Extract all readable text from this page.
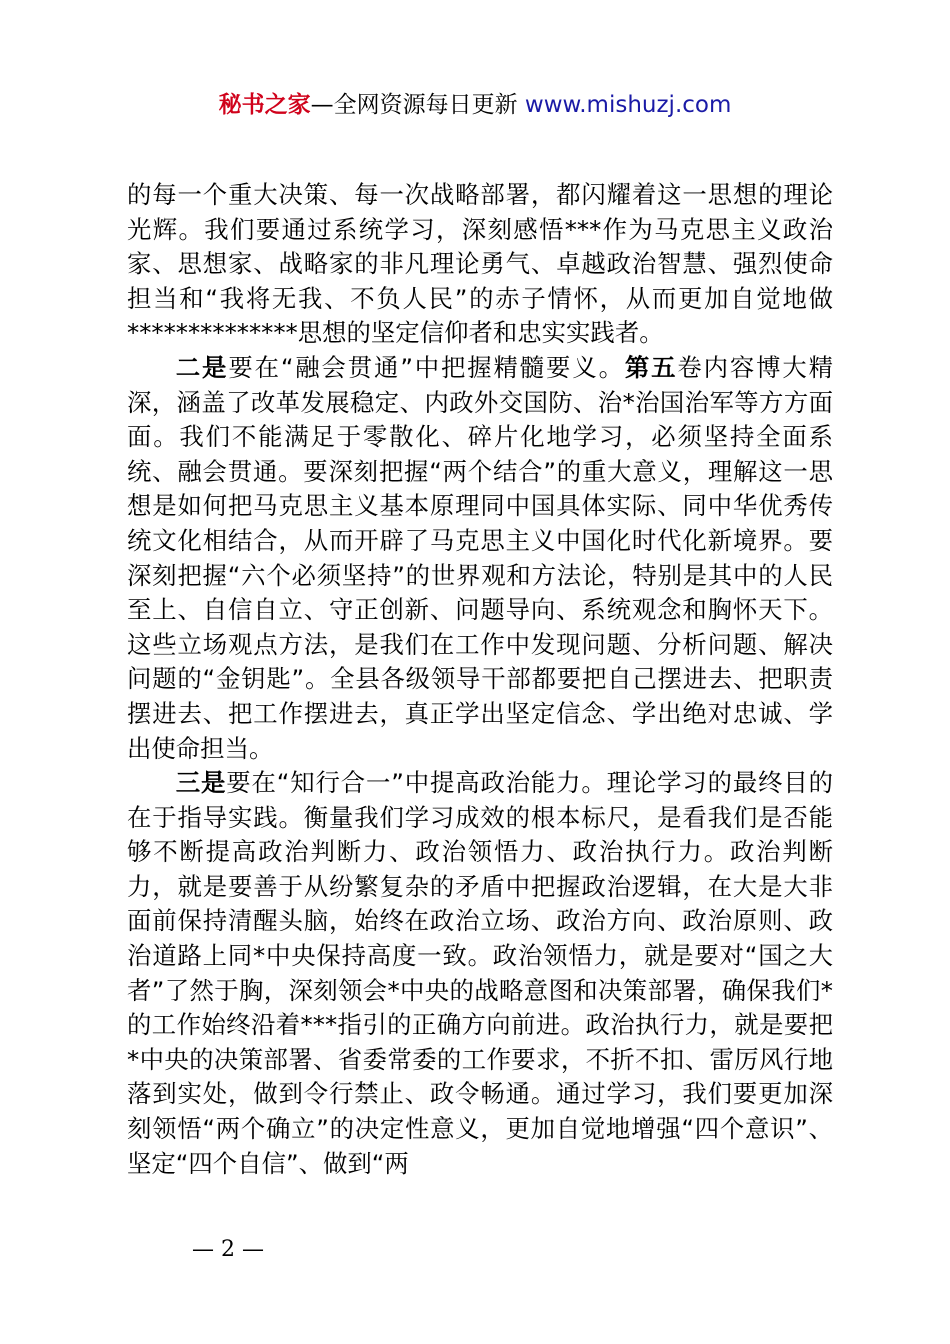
秘书之家—全网资源每日更新 www.mishuzj.com

的每一个重大决策、每一次战略部署，都闪耀着这一思想的理论光辉。我们要通过系统学习，深刻感悟***作为马克思主义政治家、思想家、战略家的非凡理论勇气、卓越政治智慧、强烈使命担当和“我将无我、不负人民”的赤子情怀，从而更加自觉地做**************思想的坚定信仰者和忠实实践者。

二是要在“融会贯通”中把握精髓要义。第五卷内容博大精深，涵盖了改革发展稳定、内政外交国防、治*治国治军等方方面面。我们不能满足于零散化、碎片化地学习，必须坚持全面系统、融会贯通。要深刻把握“两个结合”的重大意义，理解这一思想是如何把马克思主义基本原理同中国具体实际、同中华优秀传统文化相结合，从而开辟了马克思主义中国化时代化新境界。要深刻把握“六个必须坚持”的世界观和方法论，特别是其中的人民至上、自信自立、守正创新、问题导向、系统观念和胸怀天下。这些立场观点方法，是我们在工作中发现问题、分析问题、解决问题的“金钥匙”。全县各级领导干部都要把自己摆进去、把职责摆进去、把工作摆进去，真正学出坚定信念、学出绝对忠诚、学出使命担当。

三是要在“知行合一”中提高政治能力。理论学习的最终目的在于指导实践。衡量我们学习成效的根本标尺，是看我们是否能够不断提高政治判断力、政治领悟力、政治执行力。政治判断力，就是要善于从纷繁复杂的矛盾中把握政治逻辑，在大是大非面前保持清醒头脑，始终在政治立场、政治方向、政治原则、政治道路上同*中央保持高度一致。政治领悟力，就是要对“国之大者”了然于胸，深刻领会*中央的战略意图和决策部署，确保我们*的工作始终沿着***指引的正确方向前进。政治执行力，就是要把*中央的决策部署、省委常委的工作要求，不折不扣、雷厉风行地落到实处，做到令行禁止、政令畅通。通过学习，我们要更加深刻领悟“两个确立”的决定性意义，更加自觉地增强“四个意识”、坚定“四个自信”、做到“两

— 2 —
